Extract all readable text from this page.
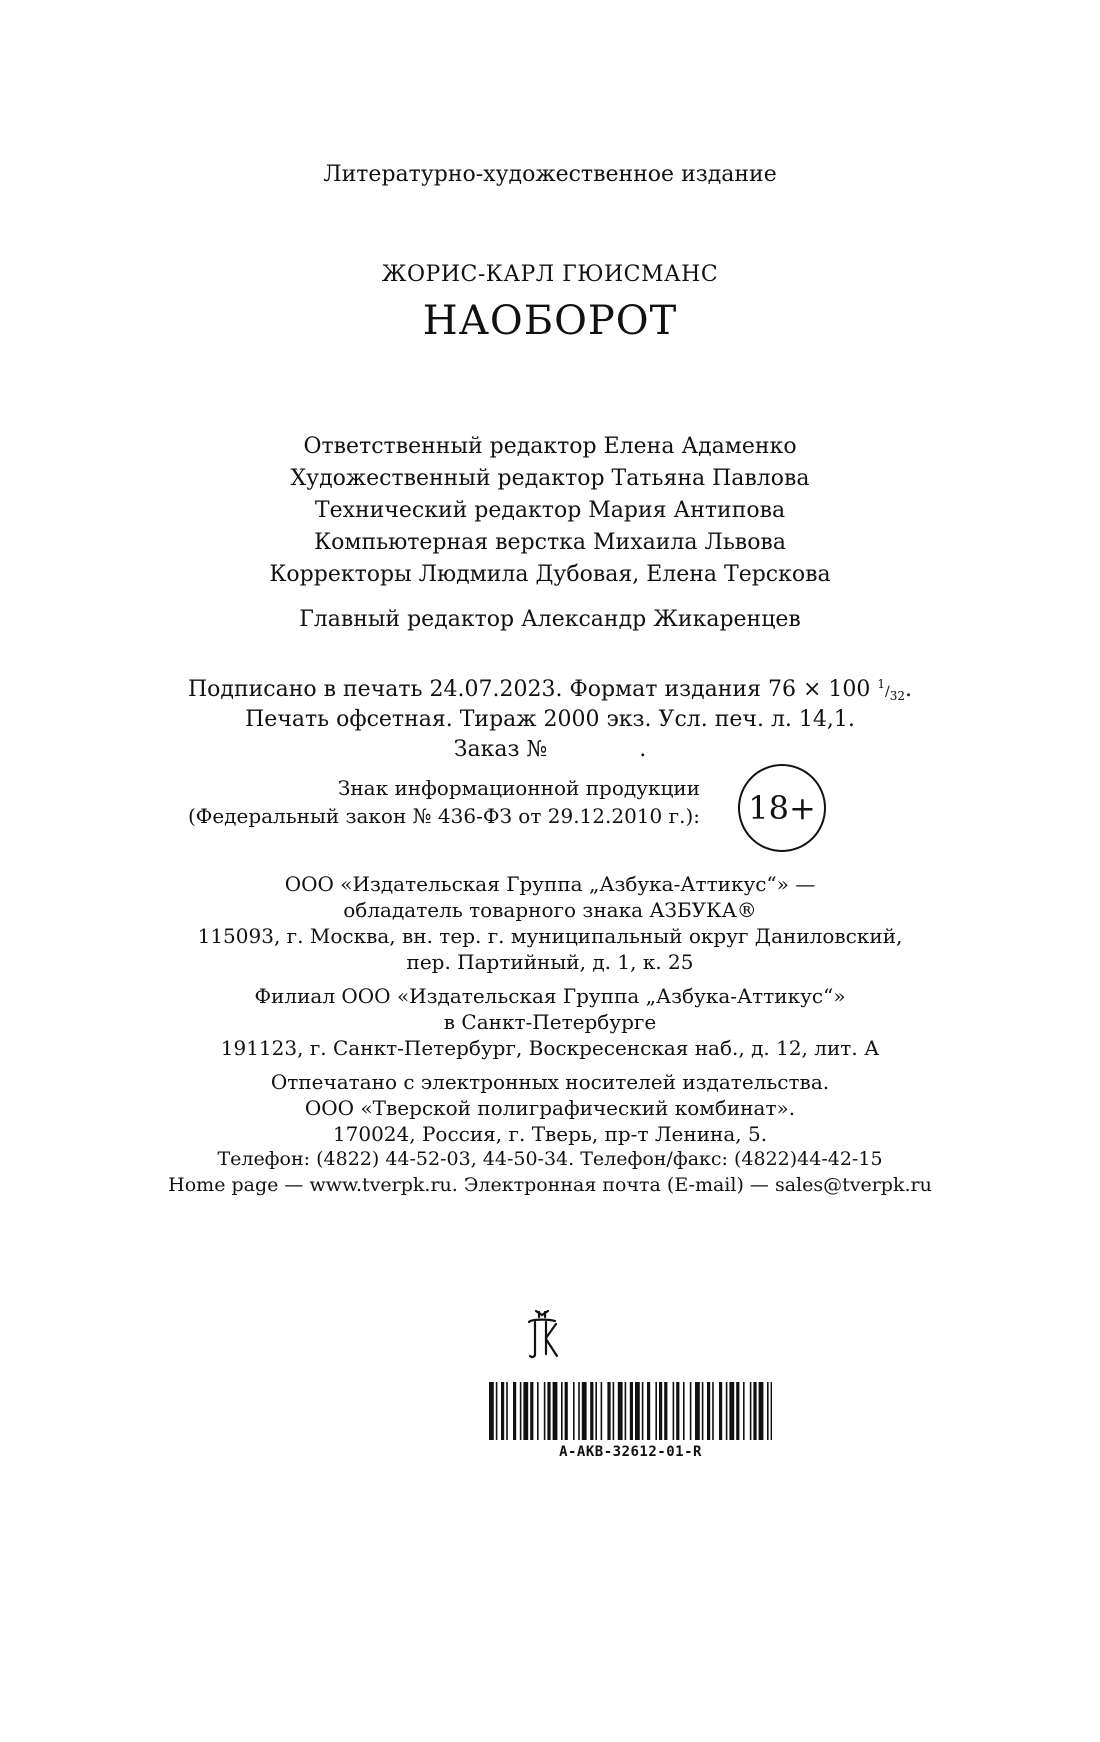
Литературно-художественное издание
ЖОРИС-КАРЛ ГЮИСМАНС
НАОБОРОТ
Ответственный редактор Елена Адаменко
Художественный редактор Татьяна Павлова
Технический редактор Мария Антипова
Компьютерная верстка Михаила Львова
Корректоры Людмила Дубовая, Елена Терскова
Главный редактор Александр Жикаренцев
Подписано в печать 24.07.2023. Формат издания 76 × 100 $^1/_{32}$.
Печать офсетная. Тираж 2000 экз. Усл. печ. л. 14,1.
Заказ №	.
Знак информационной продукции
(Федеральный закон № 436-ФЗ от 29.12.2010 г.):	18+
ООО «Издательская Группа „Азбука-Аттикус“» —
обладатель товарного знака АЗБУКА®
115093, г. Москва, вн. тер. г. муниципальный округ Даниловский,
пер. Партийный, д. 1, к. 25
Филиал ООО «Издательская Группа „Азбука-Аттикус“»
в Санкт-Петербурге
191123, г. Санкт-Петербург, Воскресенская наб., д. 12, лит. А
Отпечатано с электронных носителей издательства.
ООО «Тверской полиграфический комбинат».
170024, Россия, г. Тверь, пр-т Ленина, 5.
Телефон: (4822) 44-52-03, 44-50-34. Телефон/факс: (4822)44-42-15
Home page — www.tverpk.ru. Электронная почта (E-mail) — sales@tverpk.ru
A-AKB-32612-01-R
